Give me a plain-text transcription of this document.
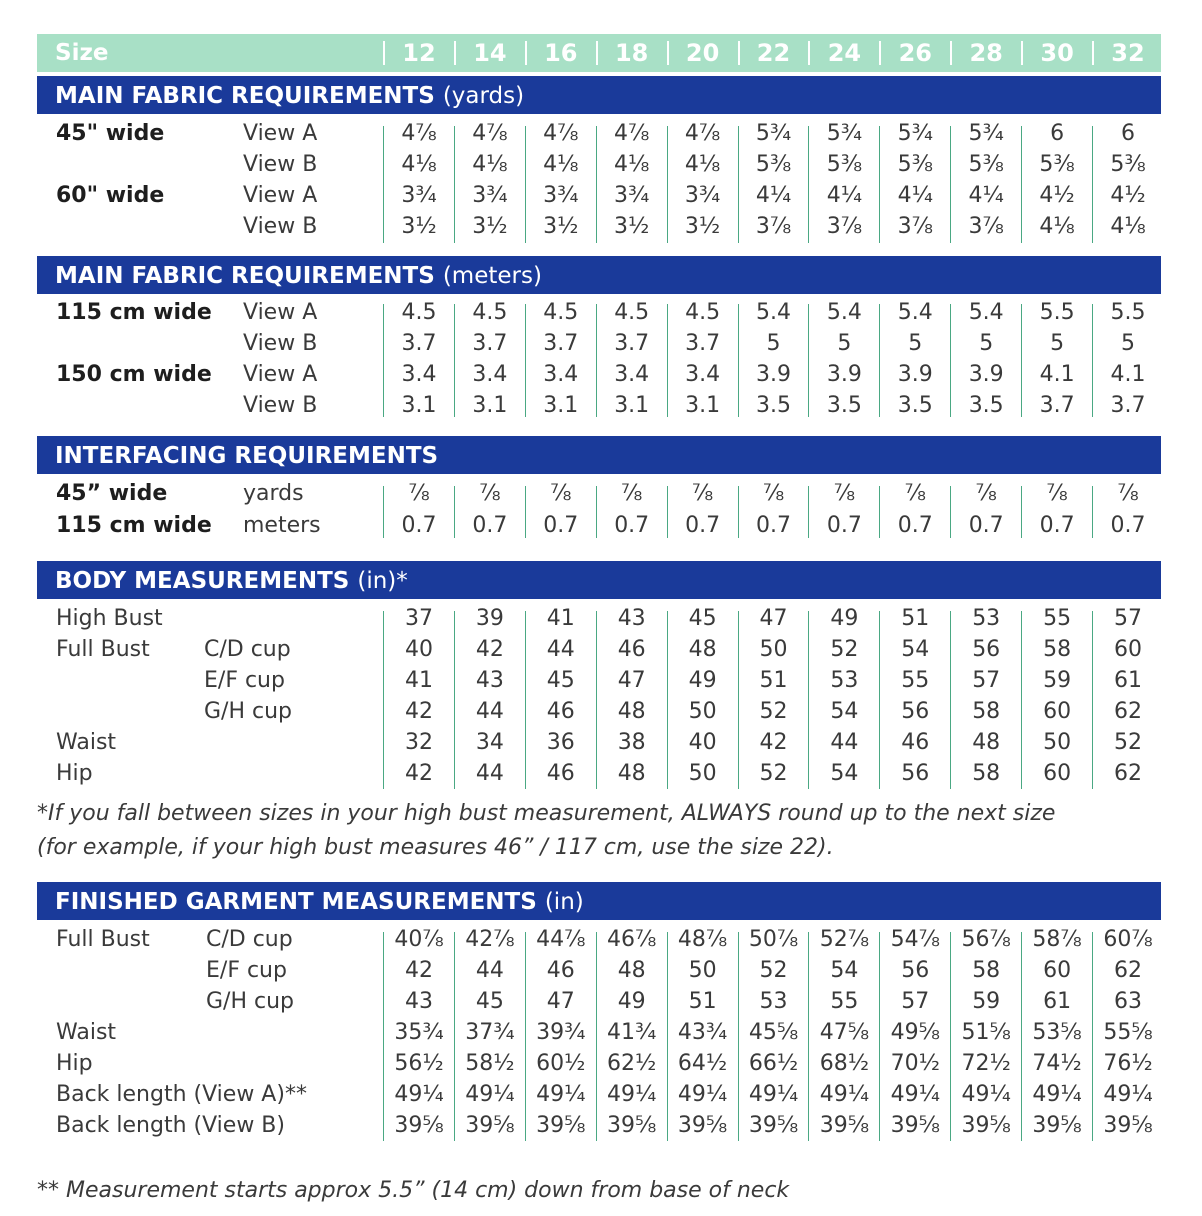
Size	12	14	16	18	20	22	24	26	28	30	32
MAIN FABRIC REQUIREMENTS (yards)
45" wide	View A	4⅞	4⅞	4⅞	4⅞	4⅞	5¾	5¾	5¾	5¾	6	6
View B	4⅛	4⅛	4⅛	4⅛	4⅛	5⅜	5⅜	5⅜	5⅜	5⅜	5⅜
60" wide	View A	3¾	3¾	3¾	3¾	3¾	4¼	4¼	4¼	4¼	4½	4½
View B	3½	3½	3½	3½	3½	3⅞	3⅞	3⅞	3⅞	4⅛	4⅛
MAIN FABRIC REQUIREMENTS (meters)
115 cm wide View A	4.5	4.5	4.5	4.5	4.5	5.4	5.4	5.4	5.4	5.5	5.5
View B	3.7	3.7	3.7	3.7	3.7	5	5	5	5	5	5
150 cm wide View A	3.4	3.4	3.4	3.4	3.4	3.9	3.9	3.9	3.9	4.1	4.1
View B	3.1	3.1	3.1	3.1	3.1	3.5	3.5	3.5	3.5	3.7	3.7
INTERFACING REQUIREMENTS
45” wide	yards	⅞	⅞	⅞	⅞	⅞	⅞	⅞	⅞	⅞	⅞	⅞
115 cm wide meters	0.7	0.7	0.7	0.7	0.7	0.7	0.7	0.7	0.7	0.7	0.7
BODY MEASUREMENTS (in)*
High Bust	37	39	41	43	45	47	49	51	53	55	57
Full Bust C/D cup	40	42	44	46	48	50	52	54	56	58	60
E/F cup	41	43	45	47	49	51	53	55	57	59	61
G/H cup	42	44	46	48	50	52	54	56	58	60	62
Waist	32	34	36	38	40	42	44	46	48	50	52
Hip	42	44	46	48	50	52	54	56	58	60	62
FINISHED GARMENT MEASUREMENTS (in)
Full Bust	C/D cup	40⅞ 42⅞ 44⅞ 46⅞ 48⅞ 50⅞ 52⅞ 54⅞ 56⅞ 58⅞ 60⅞
E/F cup	42	44	46	48	50	52	54	56	58	60	62
G/H cup	43	45	47	49	51	53	55	57	59	61	63
Waist	35¾ 37¾ 39¾ 41¾ 43¾ 45⅝ 47⅝ 49⅝ 51⅝ 53⅝ 55⅝
Hip	56½ 58½ 60½ 62½ 64½ 66½ 68½ 70½ 72½ 74½ 76½
Back length (View A)**	49¼ 49¼ 49¼ 49¼ 49¼ 49¼ 49¼ 49¼ 49¼ 49¼ 49¼
Back length (View B)	39⅝ 39⅝ 39⅝ 39⅝ 39⅝ 39⅝ 39⅝ 39⅝ 39⅝ 39⅝ 39⅝
*If you fall between sizes in your high bust measurement, ALWAYS round up to the next size
(for example, if your high bust measures 46” / 117 cm, use the size 22).
** Measurement starts approx 5.5” (14 cm) down from base of neck
